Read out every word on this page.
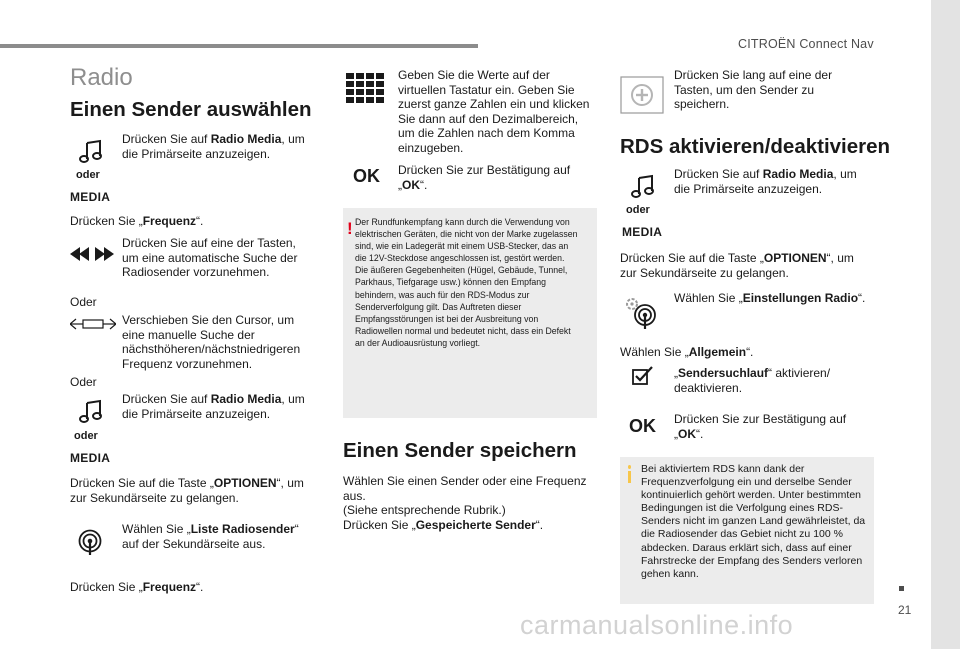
CITROËN Connect Nav
21
carmanualsonline.info
Radio
Einen Sender auswählen
oder
Drücken Sie auf Radio Media, um die Primärseite anzuzeigen.
MEDIA
Drücken Sie „Frequenz“.
Drücken Sie auf eine der Tasten, um eine automatische Suche der Radiosender vorzunehmen.
Oder
Verschieben Sie den Cursor, um eine manuelle Suche der nächsthöheren/nächstniedrigeren Frequenz vorzunehmen.
Oder
oder
Drücken Sie auf Radio Media, um die Primärseite anzuzeigen.
MEDIA
Drücken Sie auf die Taste „OPTIONEN“, um zur Sekundärseite zu gelangen.
Wählen Sie „Liste Radiosender“ auf der Sekundärseite aus.
Drücken Sie „Frequenz“.
Geben Sie die Werte auf der virtuellen Tastatur ein. Geben Sie zuerst ganze Zahlen ein und klicken Sie dann auf den Dezimalbereich, um die Zahlen nach dem Komma einzugeben.
OK Drücken Sie zur Bestätigung auf „OK“.
! Der Rundfunkempfang kann durch die Verwendung von elektrischen Geräten, die nicht von der Marke zugelassen sind, wie ein Ladegerät mit einem USB-Stecker, das an die 12V-Steckdose angeschlossen ist, gestört werden. Die äußeren Gegebenheiten (Hügel, Gebäude, Tunnel, Parkhaus, Tiefgarage usw.) können den Empfang behindern, was auch für den RDS-Modus zur Senderverfolgung gilt. Das Auftreten dieser Empfangsstörungen ist bei der Ausbreitung von Radiowellen normal und bedeutet nicht, dass ein Defekt an der Audioausrüstung vorliegt.
Einen Sender speichern
Wählen Sie einen Sender oder eine Frequenz aus.
(Siehe entsprechende Rubrik.)
Drücken Sie „Gespeicherte Sender“.
Drücken Sie lang auf eine der Tasten, um den Sender zu speichern.
RDS aktivieren/deaktivieren
oder
Drücken Sie auf Radio Media, um die Primärseite anzuzeigen.
MEDIA
Drücken Sie auf die Taste „OPTIONEN“, um zur Sekundärseite zu gelangen.
Wählen Sie „Einstellungen Radio“.
Wählen Sie „Allgemein“.
„Sendersuchlauf“ aktivieren/ deaktivieren.
OK Drücken Sie zur Bestätigung auf „OK“.
Bei aktiviertem RDS kann dank der Frequenzverfolgung ein und derselbe Sender kontinuierlich gehört werden. Unter bestimmten Bedingungen ist die Verfolgung eines RDS-Senders nicht im ganzen Land gewährleistet, da die Radiosender das Gebiet nicht zu 100 % abdecken. Daraus erklärt sich, dass auf einer Fahrstrecke der Empfang des Senders verloren gehen kann.
